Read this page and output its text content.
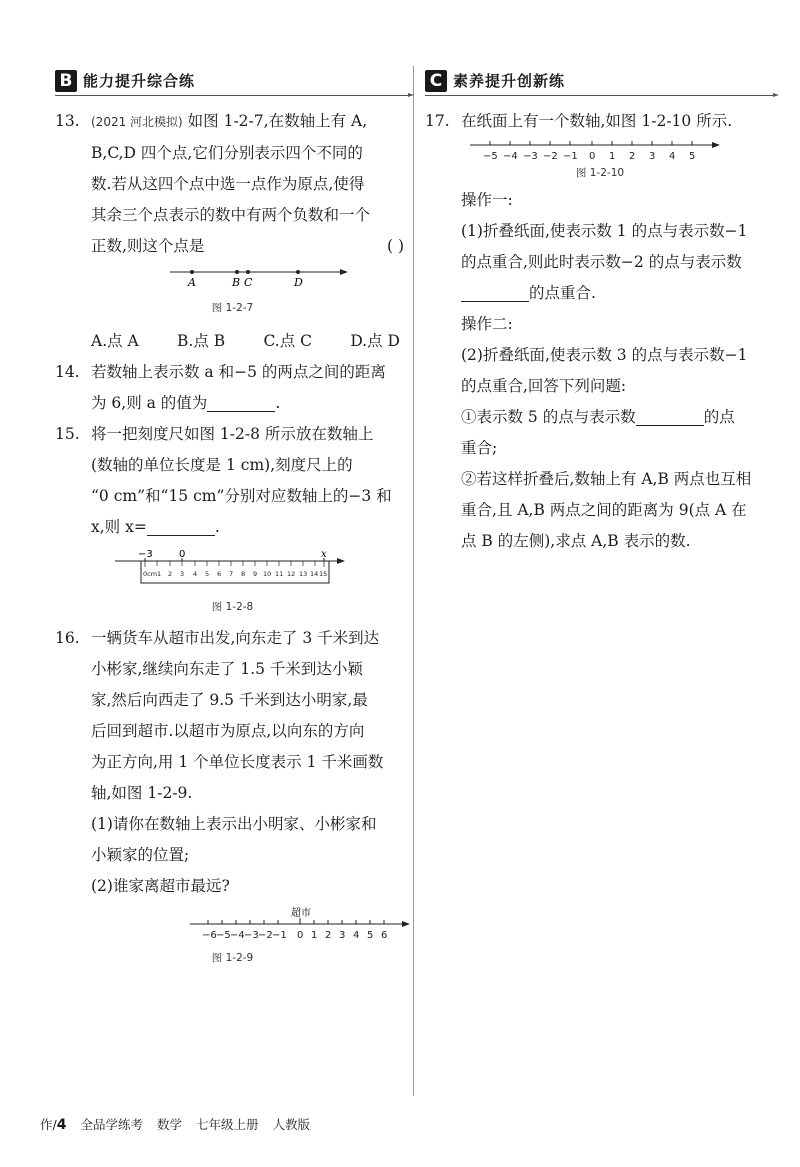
B 能力提升综合练
13. (2021 河北模拟) 如图 1-2-7,在数轴上有 A,
B,C,D 四个点,它们分别表示四个不同的
数.若从这四个点中选一点作为原点,使得
其余三个点表示的数中有两个负数和一个
正数,则这个点是	( )
A	B C	D
图 1-2-7
A.点 A B.点 B C.点 C D.点 D
14. 若数轴上表示数 a 和−5 的两点之间的距离
为 6,则 a 的值为	.
15. 将一把刻度尺如图 1-2-8 所示放在数轴上
(数轴的单位长度是 1 cm),刻度尺上的
“0 cm”和“15 cm”分别对应数轴上的−3 和
x,则 x=	.
−3	0	x
0cm1 2 3 4 5 6 7 8 9 10 11 12 13 14 15
图 1-2-8
16. 一辆货车从超市出发,向东走了 3 千米到达
小彬家,继续向东走了 1.5 千米到达小颖
家,然后向西走了 9.5 千米到达小明家,最
后回到超市.以超市为原点,以向东的方向
为正方向,用 1 个单位长度表示 1 千米画数
轴,如图 1-2-9.
(1)请你在数轴上表示出小明家、小彬家和
小颖家的位置;
(2)谁家离超市最远?
超市
−6 −5 −4 −3 −2 −1 0 1 2 3 4 5 6
图 1-2-9
C 素养提升创新练
17. 在纸面上有一个数轴,如图 1-2-10 所示.
−5 −4 −3 −2 −1 0 1 2 3 4 5
图 1-2-10
操作一:
(1)折叠纸面,使表示数 1 的点与表示数−1
的点重合,则此时表示数−2 的点与表示数
的点重合.
操作二:
(2)折叠纸面,使表示数 3 的点与表示数−1
的点重合,回答下列问题:
①表示数 5 的点与表示数	的点
重合;
②若这样折叠后,数轴上有 A,B 两点也互相
重合,且 A,B 两点之间的距离为 9(点 A 在
点 B 的左侧),求点 A,B 表示的数.
作/4 全品学练考 数学 七年级上册 人教版
